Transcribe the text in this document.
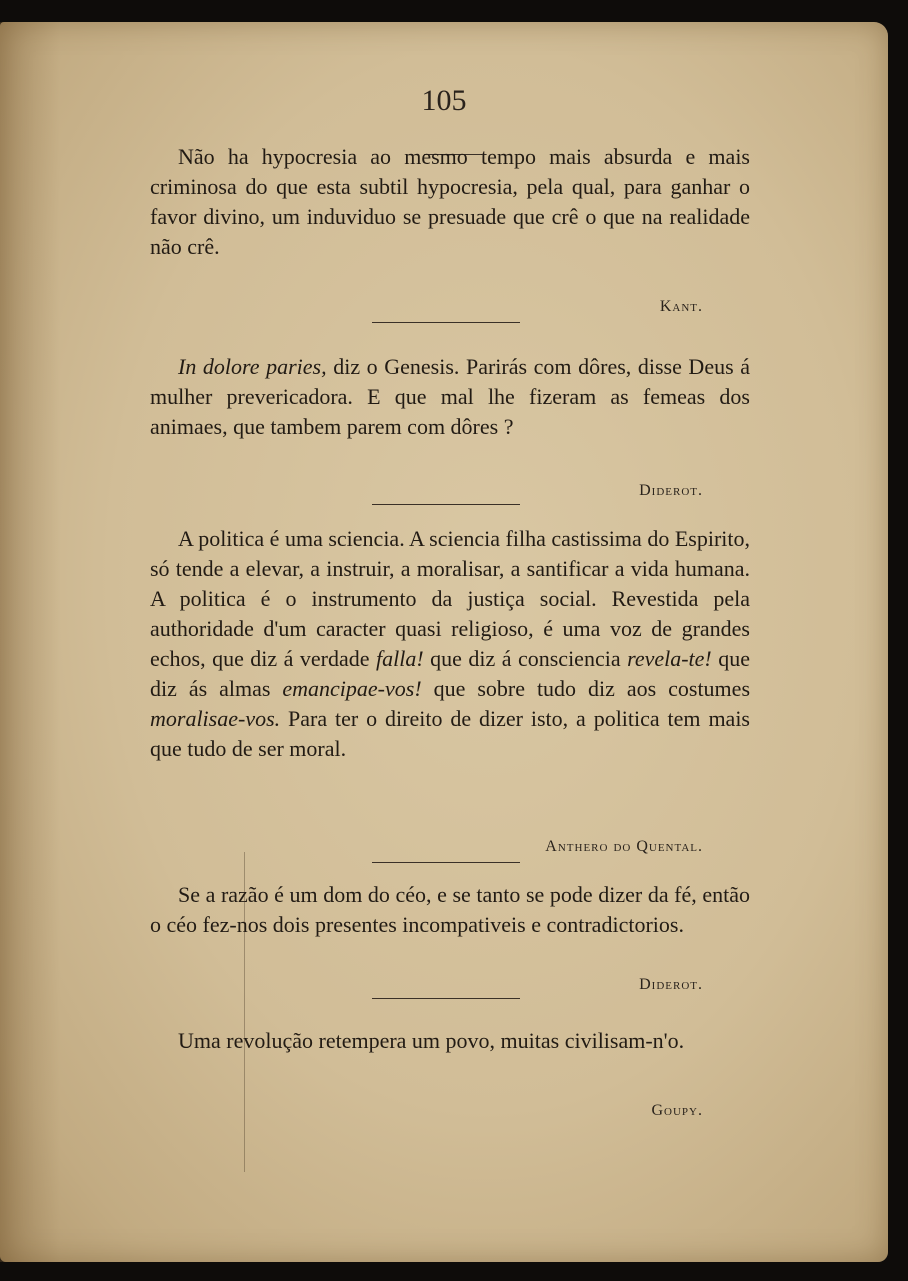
105

Não ha hypocresia ao mesmo tempo mais absurda e mais criminosa do que esta subtil hypocresia, pela qual, para ganhar o favor divino, um induviduo se presuade que crê o que na realidade não crê.

Kant.

In dolore paries, diz o Genesis. Parirás com dôres, disse Deus á mulher prevericadora. E que mal lhe fizeram as femeas dos animaes, que tambem parem com dôres ?

Diderot.

A politica é uma sciencia. A sciencia filha castissima do Espirito, só tende a elevar, a instruir, a moralisar, a santificar a vida humana. A politica é o instrumento da justiça social. Revestida pela authoridade d'um caracter quasi religioso, é uma voz de grandes echos, que diz á verdade falla! que diz á consciencia revela-te! que diz ás almas emancipae-vos! que sobre tudo diz aos costumes moralisae-vos. Para ter o direito de dizer isto, a politica tem mais que tudo de ser moral.

Anthero do Quental.

Se a razão é um dom do céo, e se tanto se pode dizer da fé, então o céo fez-nos dois presentes incompativeis e contradictorios.

Diderot.

Uma revolução retempera um povo, muitas civilisam-n'o.

Goupy.
